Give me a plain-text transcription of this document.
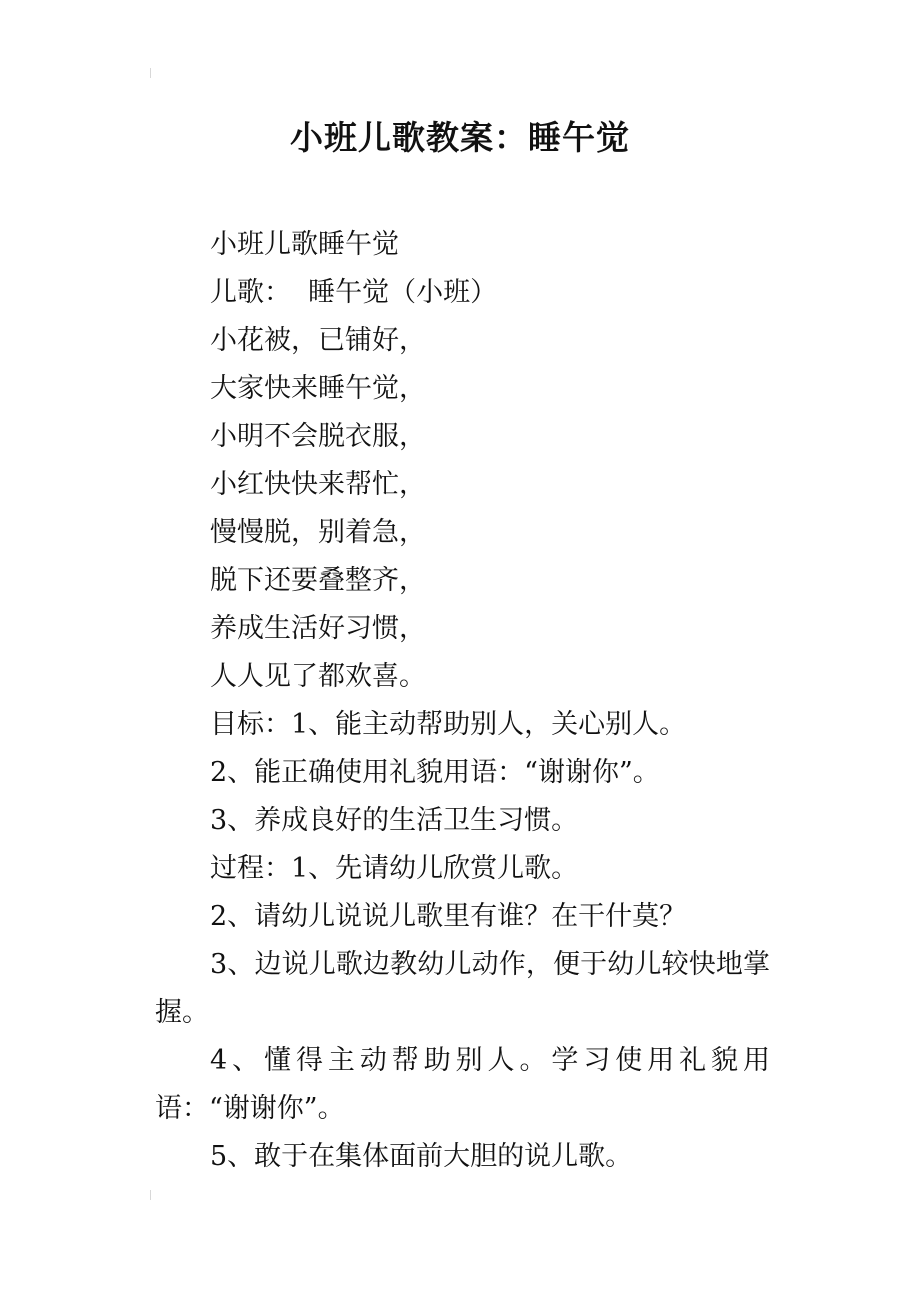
小班儿歌教案：睡午觉
小班儿歌睡午觉
儿歌：  睡午觉（小班）
小花被，已铺好，
大家快来睡午觉，
小明不会脱衣服，
小红快快来帮忙，
慢慢脱，别着急，
脱下还要叠整齐，
养成生活好习惯，
人人见了都欢喜。
目标：1、能主动帮助别人，关心别人。
2、能正确使用礼貌用语：“谢谢你”。
3、养成良好的生活卫生习惯。
过程：1、先请幼儿欣赏儿歌。
2、请幼儿说说儿歌里有谁？在干什莫？
3、边说儿歌边教幼儿动作，便于幼儿较快地掌握。
4、懂得主动帮助别人。学习使用礼貌用语：“谢谢你”。
5、敢于在集体面前大胆的说儿歌。
